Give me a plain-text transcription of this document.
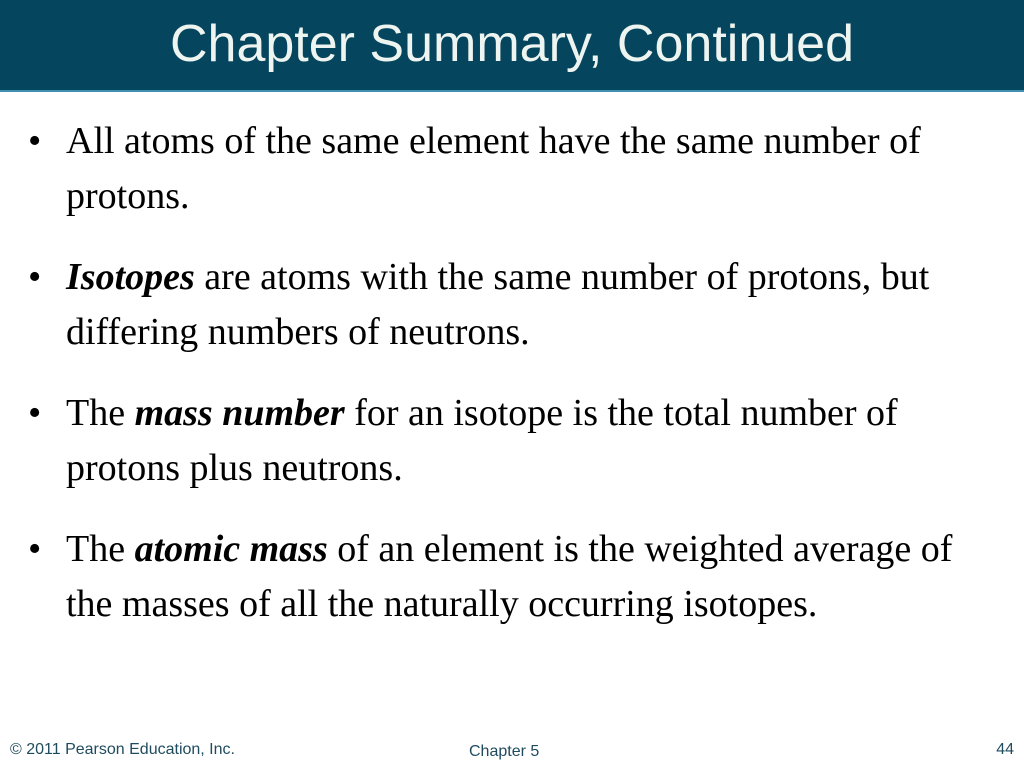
Chapter Summary, Continued
• All atoms of the same element have the same number of protons.
• Isotopes are atoms with the same number of protons, but differing numbers of neutrons.
• The mass number for an isotope is the total number of protons plus neutrons.
• The atomic mass of an element is the weighted average of the masses of all the naturally occurring isotopes.
© 2011 Pearson Education, Inc.	Chapter 5	44
